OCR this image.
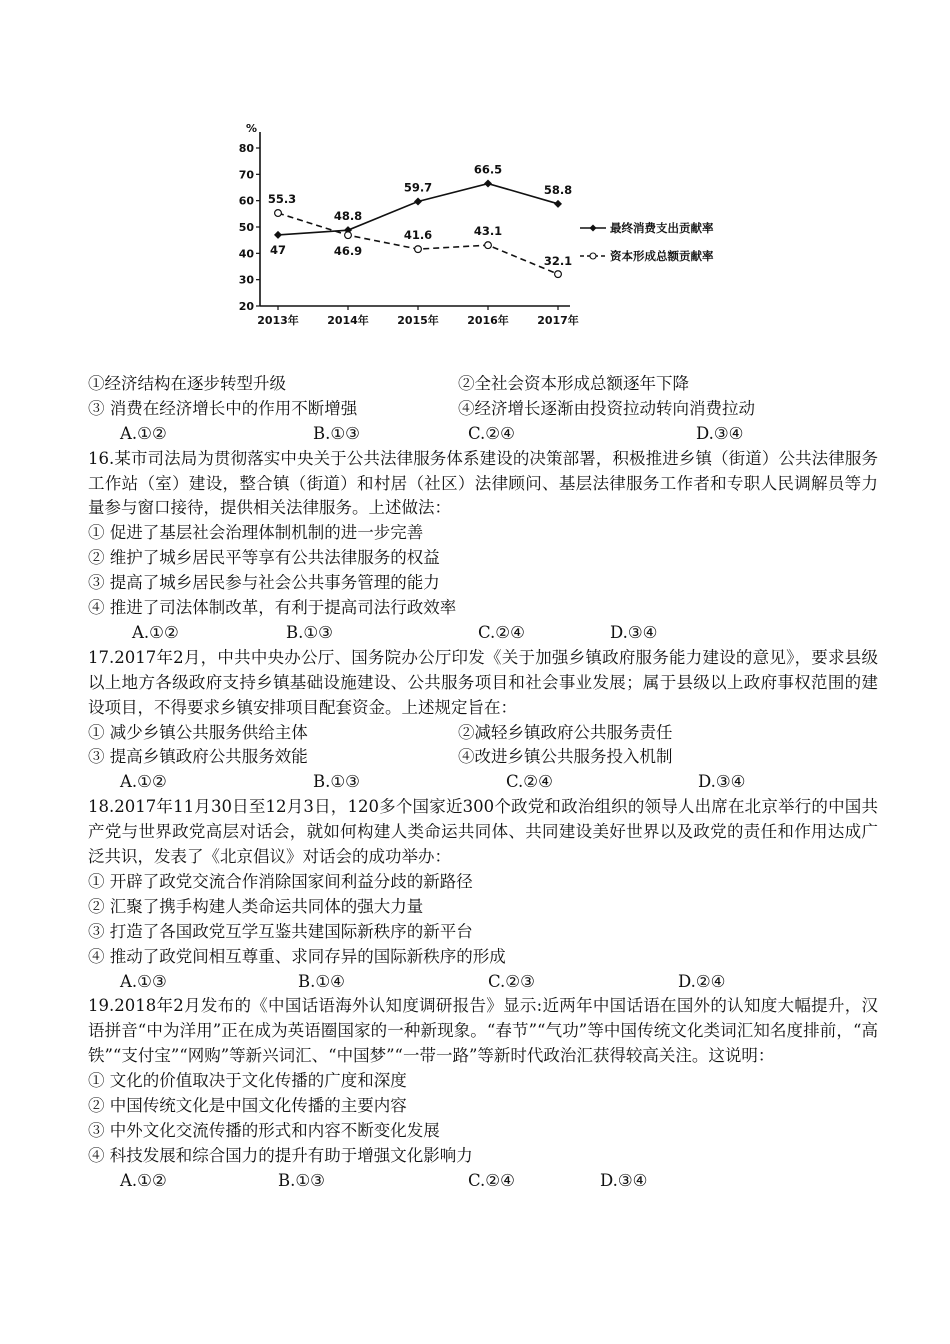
%
20
30
40
50
60
70
80
2013年	2014年	2015年	2016年	2017年
47
48.8
59.7
66.5
58.8
55.3
46.9
41.6	43.1
32.1
最终消费支出贡献率
资本形成总额贡献率
①经济结构在逐步转型升级	②全社会资本形成总额逐年下降
③ 消费在经济增长中的作用不断增强	④经济增长逐渐由投资拉动转向消费拉动
A.①②	B.①③	C.②④	D.③④
16.某市司法局为贯彻落实中央关于公共法律服务体系建设的决策部署，积极推进乡镇（街道）公共法律服务工作站（室）建设，整合镇（街道）和村居（社区）法律顾问、基层法律服务工作者和专职人民调解员等力量参与窗口接待，提供相关法律服务。上述做法：
① 促进了基层社会治理体制机制的进一步完善
② 维护了城乡居民平等享有公共法律服务的权益
③ 提高了城乡居民参与社会公共事务管理的能力
④ 推进了司法体制改革，有利于提高司法行政效率
A.①②	B.①③	C.②④	D.③④
17.2017年2月，中共中央办公厅、国务院办公厅印发《关于加强乡镇政府服务能力建设的意见》，要求县级以上地方各级政府支持乡镇基础设施建设、公共服务项目和社会事业发展；属于县级以上政府事权范围的建设项目，不得要求乡镇安排项目配套资金。上述规定旨在：
① 减少乡镇公共服务供给主体	②减轻乡镇政府公共服务责任
③ 提高乡镇政府公共服务效能	④改进乡镇公共服务投入机制
A.①②	B.①③	C.②④	D.③④
18.2017年11月30日至12月3日，120多个国家近300个政党和政治组织的领导人出席在北京举行的中国共产党与世界政党高层对话会，就如何构建人类命运共同体、共同建设美好世界以及政党的责任和作用达成广泛共识，发表了《北京倡议》对话会的成功举办：
① 开辟了政党交流合作消除国家间利益分歧的新路径
② 汇聚了携手构建人类命运共同体的强大力量
③ 打造了各国政党互学互鉴共建国际新秩序的新平台
④ 推动了政党间相互尊重、求同存异的国际新秩序的形成
A.①③	B.①④	C.②③	D.②④
19.2018年2月发布的《中国话语海外认知度调研报告》显示:近两年中国话语在国外的认知度大幅提升，汉语拼音“中为洋用”正在成为英语圈国家的一种新现象。“春节”“气功”等中国传统文化类词汇知名度排前，“高铁”“支付宝”“网购”等新兴词汇、“中国梦”“一带一路”等新时代政治汇获得较高关注。这说明：
① 文化的价值取决于文化传播的广度和深度
② 中国传统文化是中国文化传播的主要内容
③ 中外文化交流传播的形式和内容不断变化发展
④ 科技发展和综合国力的提升有助于增强文化影响力
A.①②	B.①③	C.②④	D.③④
